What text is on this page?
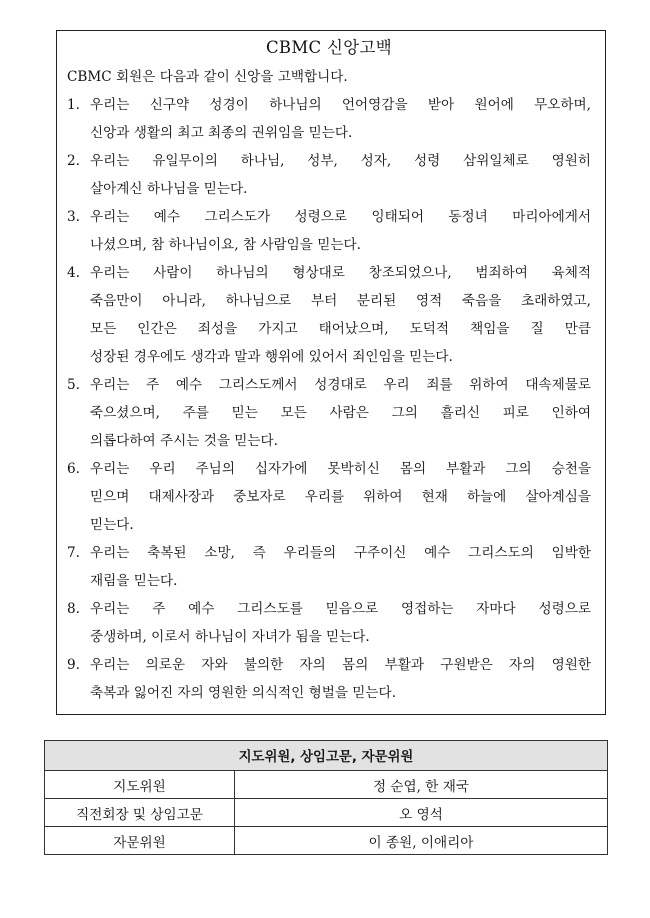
CBMC 신앙고백

CBMC 회원은 다음과 같이 신앙을 고백합니다.

1. 우리는 신구약 성경이 하나님의 언어영감을 받아 원어에 무오하며,
신앙과 생활의 최고 최종의 권위임을 믿는다.
2. 우리는 유일무이의 하나님, 성부, 성자, 성령 삼위일체로 영원히
살아계신 하나님을 믿는다.
3. 우리는 예수 그리스도가 성령으로 잉태되어 동정녀 마리아에게서
나셨으며, 참 하나님이요, 참 사람임을 믿는다.
4. 우리는 사람이 하나님의 형상대로 창조되었으나, 범죄하여 육체적
죽음만이 아니라, 하나님으로 부터 분리된 영적 죽음을 초래하였고,
모든 인간은 죄성을 가지고 태어났으며, 도덕적 책임을 질 만큼
성장된 경우에도 생각과 말과 행위에 있어서 죄인임을 믿는다.
5. 우리는 주 예수 그리스도께서 성경대로 우리 죄를 위하여 대속제물로
죽으셨으며, 주를 믿는 모든 사람은 그의 흘리신 피로 인하여
의롭다하여 주시는 것을 믿는다.
6. 우리는 우리 주님의 십자가에 못박히신 몸의 부활과 그의 승천을
믿으며 대제사장과 중보자로 우리를 위하여 현재 하늘에 살아계심을
믿는다.
7. 우리는 축복된 소망, 즉 우리들의 구주이신 예수 그리스도의 임박한
재림을 믿는다.
8. 우리는 주 예수 그리스도를 믿음으로 영접하는 자마다 성령으로
중생하며, 이로서 하나님이 자녀가 됨을 믿는다.
9. 우리는 의로운 자와 불의한 자의 몸의 부활과 구원받은 자의 영원한
축복과 잃어진 자의 영원한 의식적인 형벌을 믿는다.
지도위원, 상임고문, 자문위원	
지도위원	정 순엽, 한 재국
직전회장 및 상임고문	오 영석
자문위원	이 종원, 이애리아
